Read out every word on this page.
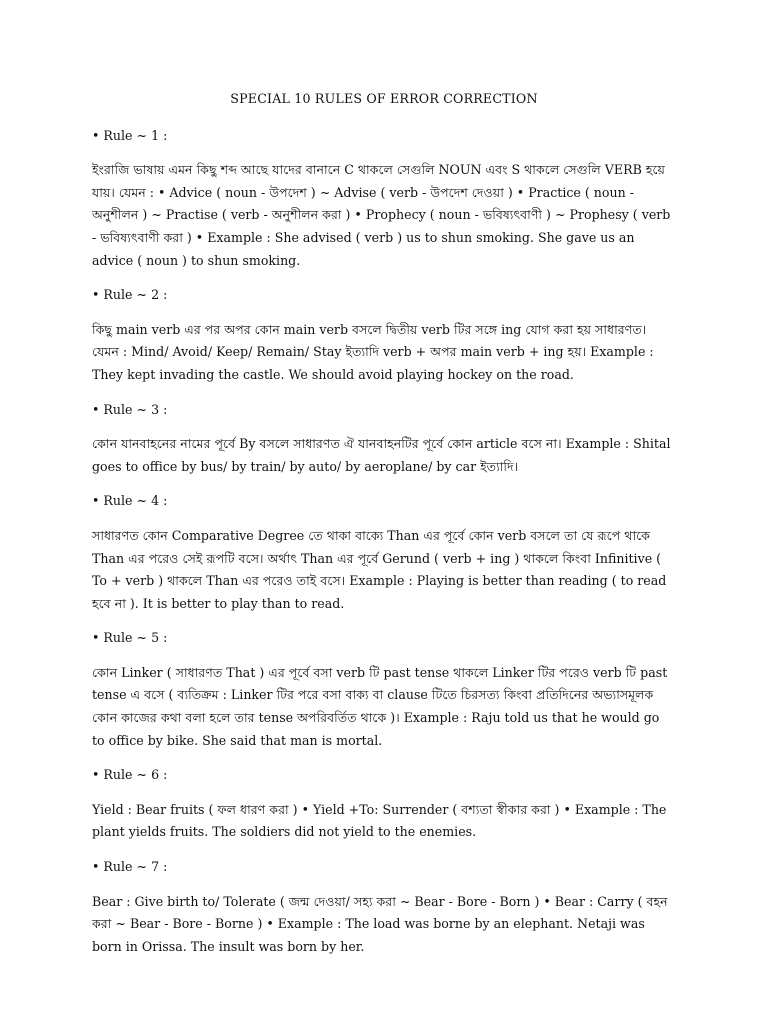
SPECIAL 10 RULES OF ERROR CORRECTION
• Rule ~ 1 :
ইংরাজি ভাষায় এমন কিছু শব্দ আছে যাদের বানানে C থাকলে সেগুলি NOUN এবং S থাকলে সেগুলি VERB হয়ে যায়। যেমন : • Advice ( noun - উপদেশ ) ~ Advise ( verb - উপদেশ দেওয়া ) • Practice ( noun - অনুশীলন ) ~ Practise ( verb - অনুশীলন করা ) • Prophecy ( noun - ভবিষ্যৎবাণী ) ~ Prophesy ( verb - ভবিষ্যৎবাণী করা ) • Example : She advised ( verb ) us to shun smoking. She gave us an advice ( noun ) to shun smoking.
• Rule ~ 2 :
কিছু main verb এর পর অপর কোন main verb বসলে দ্বিতীয় verb টির সঙ্গে ing যোগ করা হয় সাধারণত। যেমন : Mind/ Avoid/ Keep/ Remain/ Stay ইত্যাদি verb + অপর main verb + ing হয়। Example : They kept invading the castle. We should avoid playing hockey on the road.
• Rule ~ 3 :
কোন যানবাহনের নামের পূর্বে By বসলে সাধারণত ঐ যানবাহনটির পূর্বে কোন article বসে না। Example : Shital goes to office by bus/ by train/ by auto/ by aeroplane/ by car ইত্যাদি।
• Rule ~ 4 :
সাধারণত কোন Comparative Degree তে থাকা বাক্যে Than এর পূর্বে কোন verb বসলে তা যে রূপে থাকে Than এর পরেও সেই রূপটি বসে। অর্থাৎ Than এর পূর্বে Gerund ( verb + ing ) থাকলে কিংবা Infinitive ( To + verb ) থাকলে Than এর পরেও তাই বসে। Example : Playing is better than reading ( to read হবে না ). It is better to play than to read.
• Rule ~ 5 :
কোন Linker ( সাধারণত That ) এর পূর্বে বসা verb টি past tense থাকলে Linker টির পরেও verb টি past tense এ বসে ( ব্যতিক্রম : Linker টির পরে বসা বাক্য বা clause টিতে চিরসত্য কিংবা প্রতিদিনের অভ্যাসমূলক কোন কাজের কথা বলা হলে তার tense অপরিবর্তিত থাকে )। Example : Raju told us that he would go to office by bike. She said that man is mortal.
• Rule ~ 6 :
Yield : Bear fruits ( ফল ধারণ করা ) • Yield +To: Surrender ( বশ্যতা স্বীকার করা ) • Example : The plant yields fruits. The soldiers did not yield to the enemies.
• Rule ~ 7 :
Bear : Give birth to/ Tolerate ( জন্ম দেওয়া/ সহ্য করা ~ Bear - Bore - Born ) • Bear : Carry ( বহন করা ~ Bear - Bore - Borne ) • Example : The load was borne by an elephant. Netaji was born in Orissa. The insult was born by her.
